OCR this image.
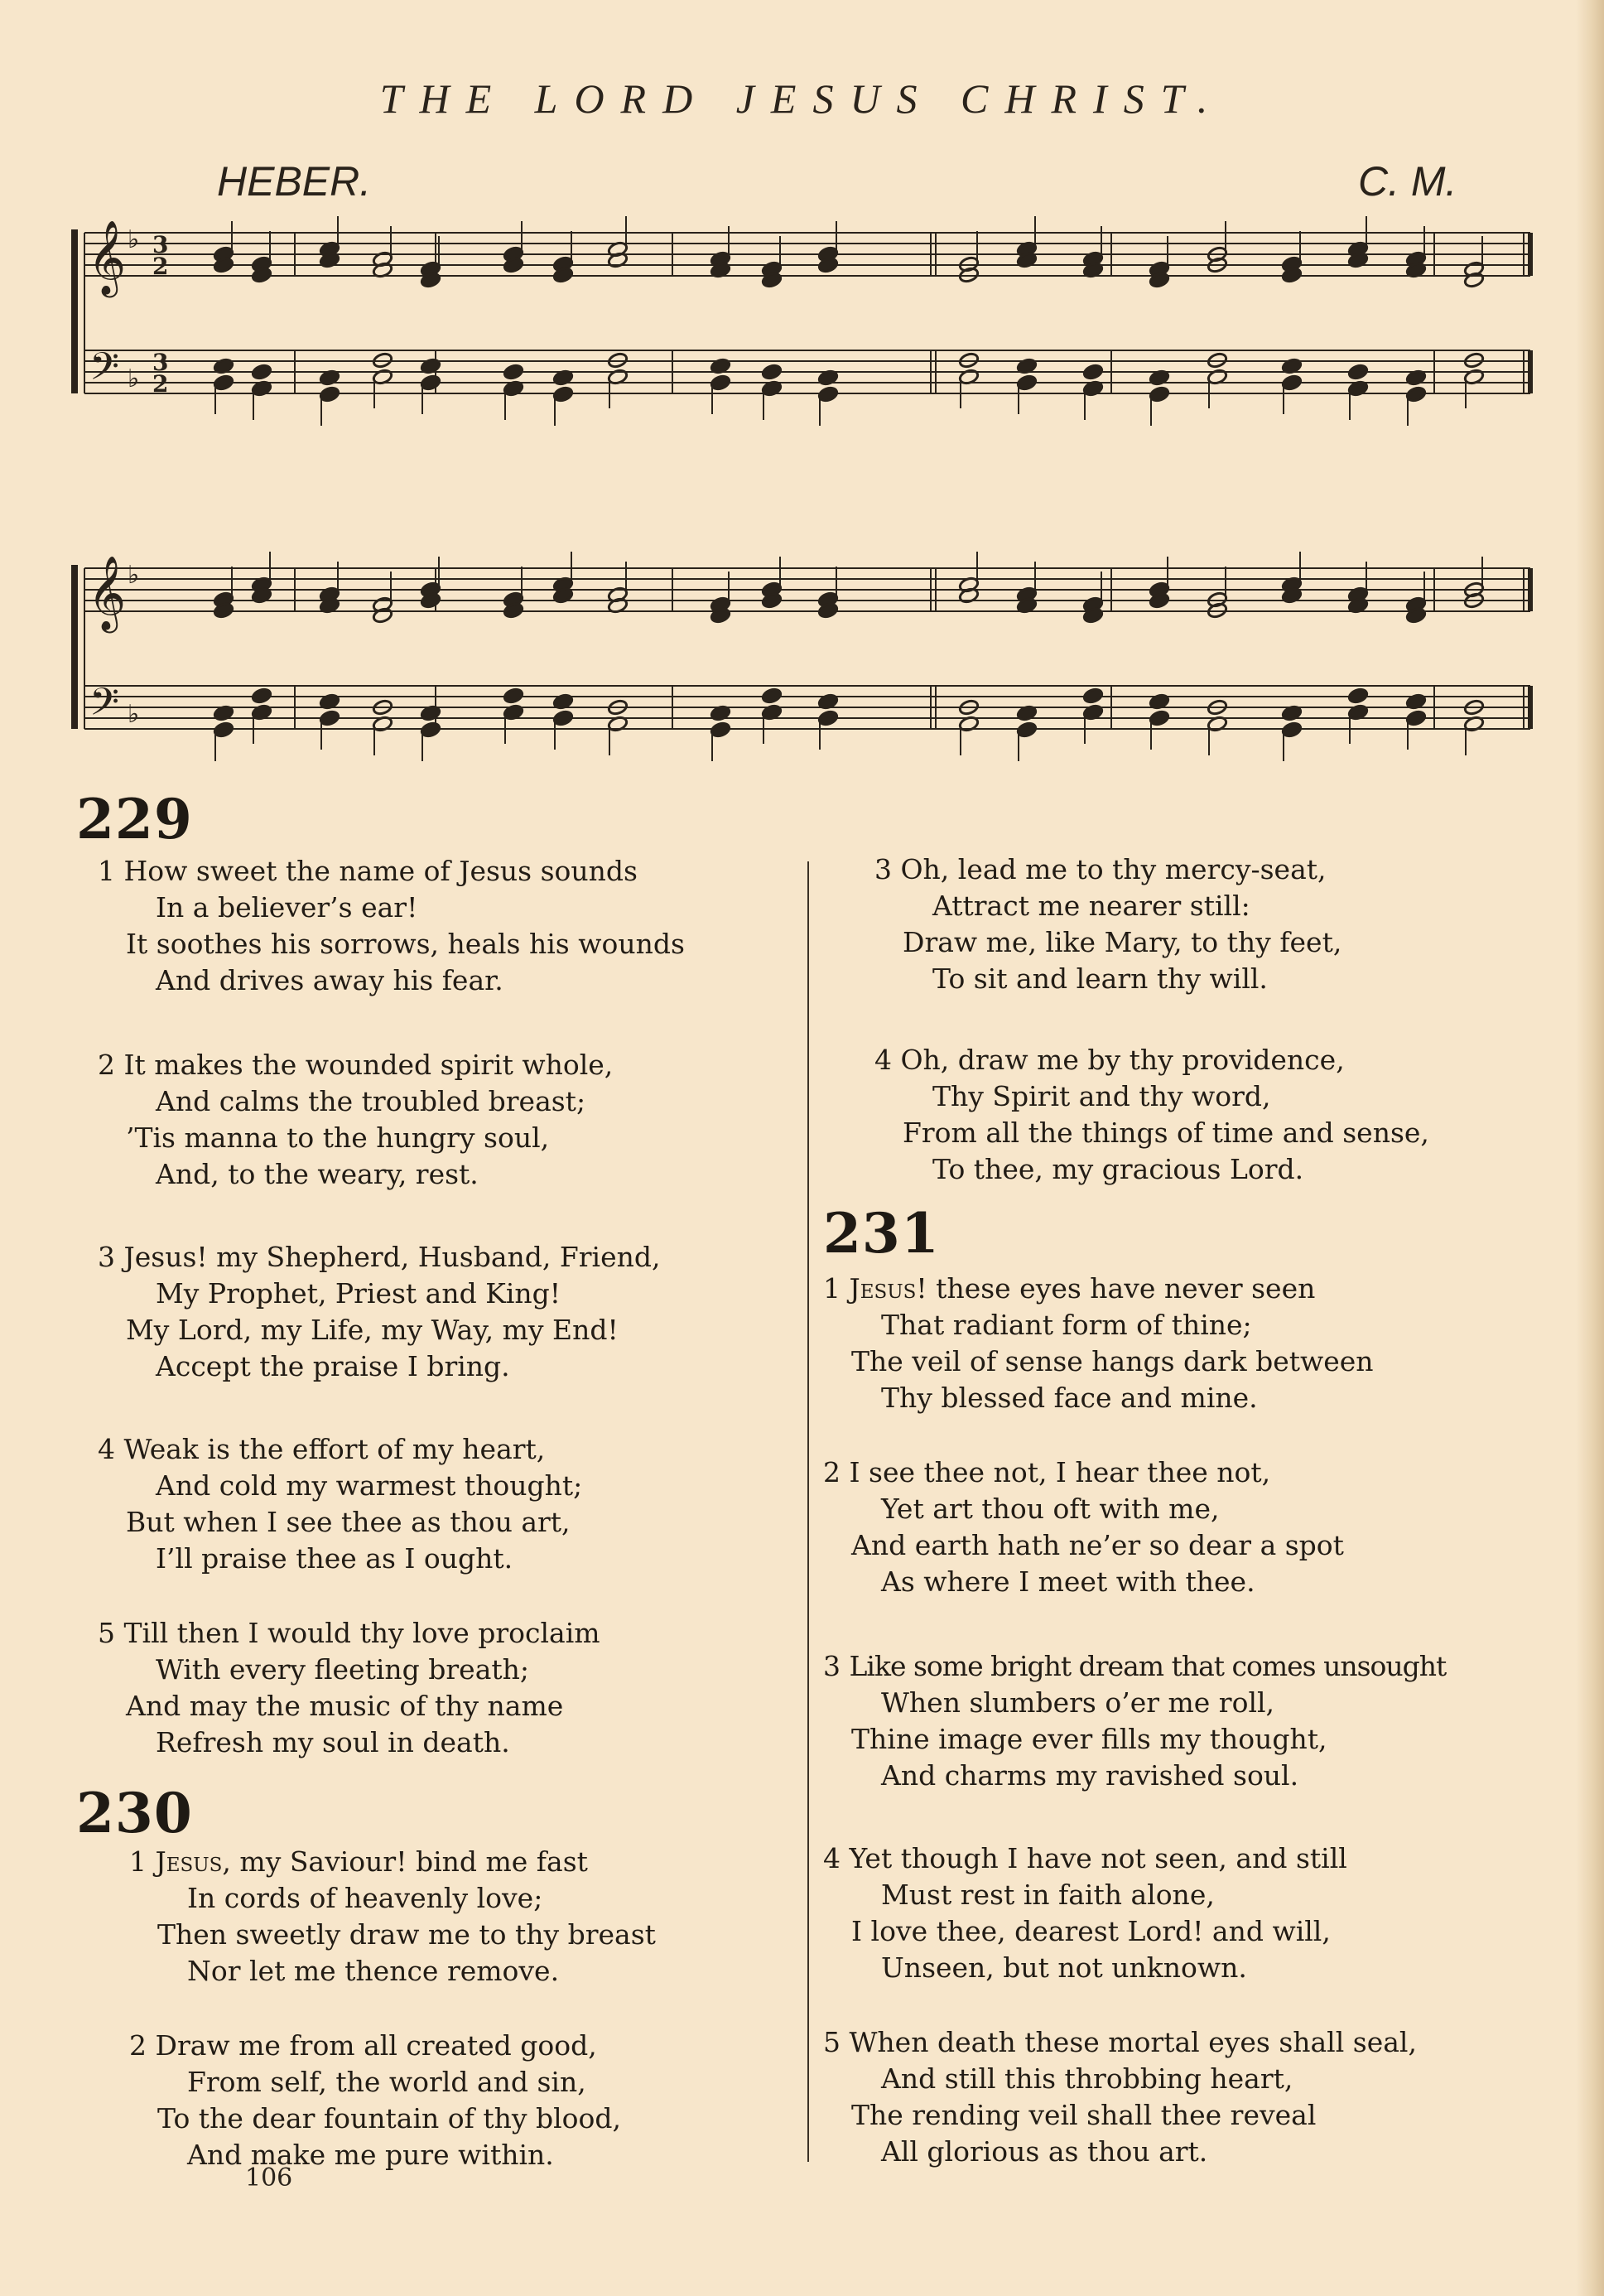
THE LORD JESUS CHRIST.
HEBER.	C. M.
𝄞
𝄢
♭
♭
3
2
3
2
𝄞
𝄢
♭
♭
229
1 How sweet the name of Jesus sounds
In a believer’s ear!
It soothes his sorrows, heals his wounds
And drives away his fear.
2 It makes the wounded spirit whole,
And calms the troubled breast;
’Tis manna to the hungry soul,
And, to the weary, rest.
3 Jesus! my Shepherd, Husband, Friend,
My Prophet, Priest and King!
My Lord, my Life, my Way, my End!
Accept the praise I bring.
4 Weak is the effort of my heart,
And cold my warmest thought;
But when I see thee as thou art,
I’ll praise thee as I ought.
5 Till then I would thy love proclaim
With every fleeting breath;
And may the music of thy name
Refresh my soul in death.
230
1 Jesus, my Saviour! bind me fast
In cords of heavenly love;
Then sweetly draw me to thy breast
Nor let me thence remove.
2 Draw me from all created good,
From self, the world and sin,
To the dear fountain of thy blood,
And make me pure within.
106
3 Oh, lead me to thy mercy-seat,
Attract me nearer still:
Draw me, like Mary, to thy feet,
To sit and learn thy will.
4 Oh, draw me by thy providence,
Thy Spirit and thy word,
From all the things of time and sense,
To thee, my gracious Lord.
231
1 Jesus! these eyes have never seen
That radiant form of thine;
The veil of sense hangs dark between
Thy blessed face and mine.
2 I see thee not, I hear thee not,
Yet art thou oft with me,
And earth hath ne’er so dear a spot
As where I meet with thee.
3 Like some bright dream that comes unsought
When slumbers o’er me roll,
Thine image ever fills my thought,
And charms my ravished soul.
4 Yet though I have not seen, and still
Must rest in faith alone,
I love thee, dearest Lord! and will,
Unseen, but not unknown.
5 When death these mortal eyes shall seal,
And still this throbbing heart,
The rending veil shall thee reveal
All glorious as thou art.
